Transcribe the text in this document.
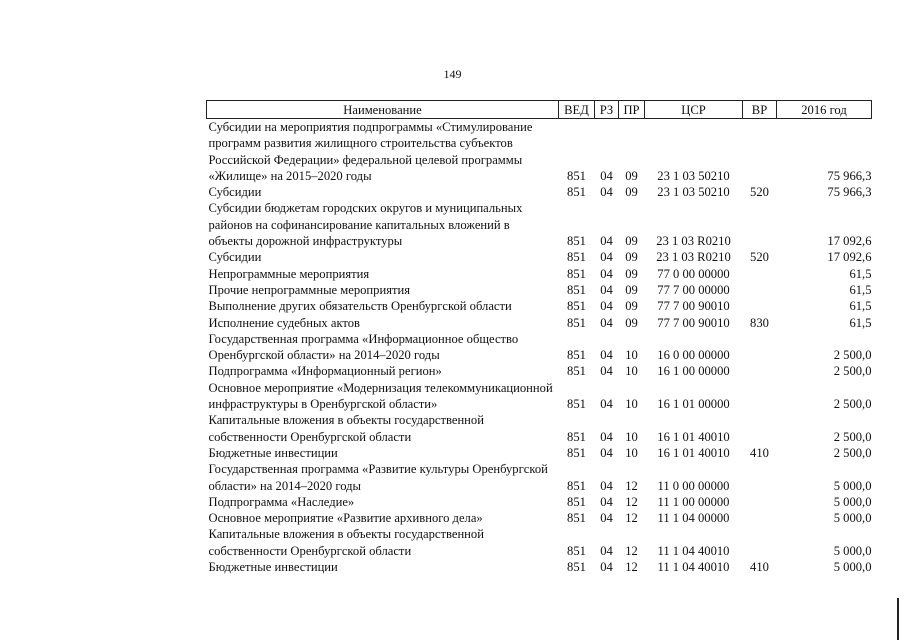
149
Наименование	ВЕД	РЗ	ПР	ЦСР	ВР	2016 год
Субсидии на мероприятия подпрограммы «Стимулирование программ развития жилищного строительства субъектов Российской Федерации» федеральной целевой программы «Жилище» на 2015–2020 годы	851	04	09	23 1 03 50210		75 966,3
Субсидии	851	04	09	23 1 03 50210	520	75 966,3
Субсидии бюджетам городских округов и муниципальных районов на софинансирование капитальных вложений в объекты дорожной инфраструктуры	851	04	09	23 1 03 R0210		17 092,6
Субсидии	851	04	09	23 1 03 R0210	520	17 092,6
Непрограммные мероприятия	851	04	09	77 0 00 00000		61,5
Прочие непрограммные мероприятия	851	04	09	77 7 00 00000		61,5
Выполнение других обязательств Оренбургской области	851	04	09	77 7 00 90010		61,5
Исполнение судебных актов	851	04	09	77 7 00 90010	830	61,5
Государственная программа «Информационное общество Оренбургской области» на 2014–2020 годы	851	04	10	16 0 00 00000		2 500,0
Подпрограмма «Информационный регион»	851	04	10	16 1 00 00000		2 500,0
Основное мероприятие «Модернизация телекоммуникационной инфраструктуры в Оренбургской области»	851	04	10	16 1 01 00000		2 500,0
Капитальные вложения в объекты государственной собственности Оренбургской области	851	04	10	16 1 01 40010		2 500,0
Бюджетные инвестиции	851	04	10	16 1 01 40010	410	2 500,0
Государственная программа «Развитие культуры Оренбургской области» на 2014–2020 годы	851	04	12	11 0 00 00000		5 000,0
Подпрограмма «Наследие»	851	04	12	11 1 00 00000		5 000,0
Основное мероприятие «Развитие архивного дела»	851	04	12	11 1 04 00000		5 000,0
Капитальные вложения в объекты государственной собственности Оренбургской области	851	04	12	11 1 04 40010		5 000,0
Бюджетные инвестиции	851	04	12	11 1 04 40010	410	5 000,0
